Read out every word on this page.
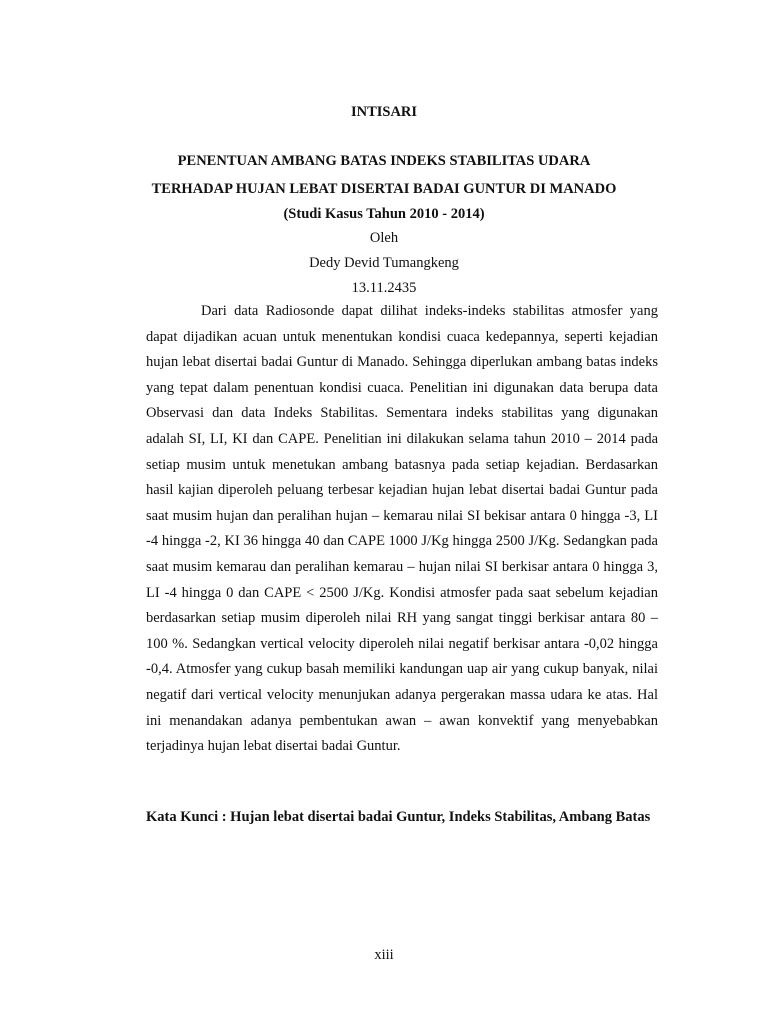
INTISARI
PENENTUAN AMBANG BATAS INDEKS STABILITAS UDARA
TERHADAP HUJAN LEBAT DISERTAI BADAI GUNTUR DI MANADO
(Studi Kasus Tahun 2010 - 2014)
Oleh
Dedy Devid Tumangkeng
13.11.2435

Dari data Radiosonde dapat dilihat indeks-indeks stabilitas atmosfer yang dapat dijadikan acuan untuk menentukan kondisi cuaca kedepannya, seperti kejadian hujan lebat disertai badai Guntur di Manado. Sehingga diperlukan ambang batas indeks yang tepat dalam penentuan kondisi cuaca. Penelitian ini digunakan data berupa data Observasi dan data Indeks Stabilitas. Sementara indeks stabilitas yang digunakan adalah SI, LI, KI dan CAPE. Penelitian ini dilakukan selama tahun 2010 – 2014 pada setiap musim untuk menetukan ambang batasnya pada setiap kejadian. Berdasarkan hasil kajian diperoleh peluang terbesar kejadian hujan lebat disertai badai Guntur pada saat musim hujan dan peralihan hujan – kemarau nilai SI bekisar antara 0 hingga -3, LI -4 hingga -2, KI 36 hingga 40 dan CAPE 1000 J/Kg hingga 2500 J/Kg. Sedangkan pada saat musim kemarau dan peralihan kemarau – hujan nilai SI berkisar antara 0 hingga 3, LI -4 hingga 0 dan CAPE < 2500 J/Kg. Kondisi atmosfer pada saat sebelum kejadian berdasarkan setiap musim diperoleh nilai RH yang sangat tinggi berkisar antara 80 – 100 %. Sedangkan vertical velocity diperoleh nilai negatif berkisar antara -0,02 hingga -0,4. Atmosfer yang cukup basah memiliki kandungan uap air yang cukup banyak, nilai negatif dari vertical velocity menunjukan adanya pergerakan massa udara ke atas. Hal ini menandakan adanya pembentukan awan – awan konvektif yang menyebabkan terjadinya hujan lebat disertai badai Guntur.

Kata Kunci : Hujan lebat disertai badai Guntur, Indeks Stabilitas, Ambang Batas

xiii
